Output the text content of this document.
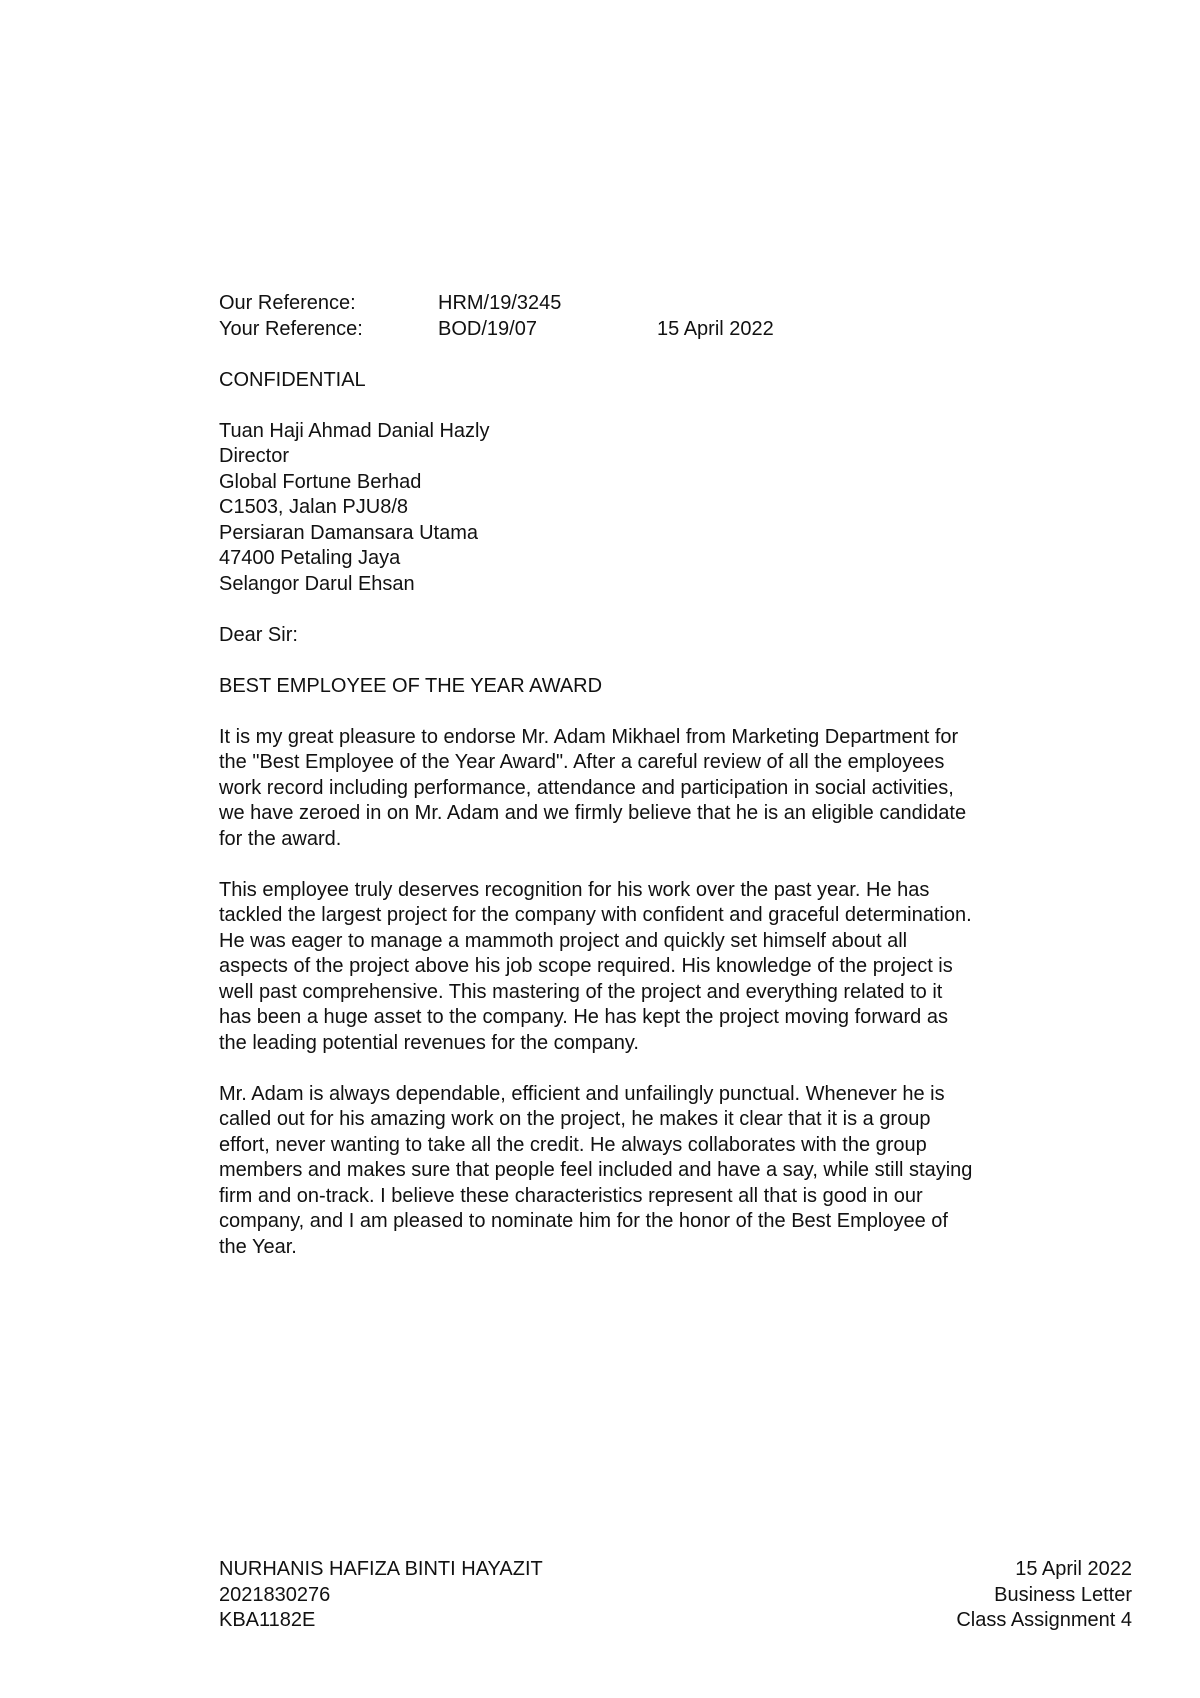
Our Reference:	HRM/19/3245
Your Reference:	BOD/19/07	15 April 2022
CONFIDENTIAL
Tuan Haji Ahmad Danial Hazly
Director
Global Fortune Berhad
C1503, Jalan PJU8/8
Persiaran Damansara Utama
47400 Petaling Jaya
Selangor Darul Ehsan
Dear Sir:
BEST EMPLOYEE OF THE YEAR AWARD
It is my great pleasure to endorse Mr. Adam Mikhael from Marketing Department for
the "Best Employee of the Year Award". After a careful review of all the employees
work record including performance, attendance and participation in social activities,
we have zeroed in on Mr. Adam and we firmly believe that he is an eligible candidate
for the award.
This employee truly deserves recognition for his work over the past year. He has
tackled the largest project for the company with confident and graceful determination.
He was eager to manage a mammoth project and quickly set himself about all
aspects of the project above his job scope required. His knowledge of the project is
well past comprehensive. This mastering of the project and everything related to it
has been a huge asset to the company. He has kept the project moving forward as
the leading potential revenues for the company.
Mr. Adam is always dependable, efficient and unfailingly punctual. Whenever he is
called out for his amazing work on the project, he makes it clear that it is a group
effort, never wanting to take all the credit. He always collaborates with the group
members and makes sure that people feel included and have a say, while still staying
firm and on-track. I believe these characteristics represent all that is good in our
company, and I am pleased to nominate him for the honor of the Best Employee of
the Year.
NURHANIS HAFIZA BINTI HAYAZIT
2021830276
KBA1182E
15 April 2022
Business Letter
Class Assignment 4
